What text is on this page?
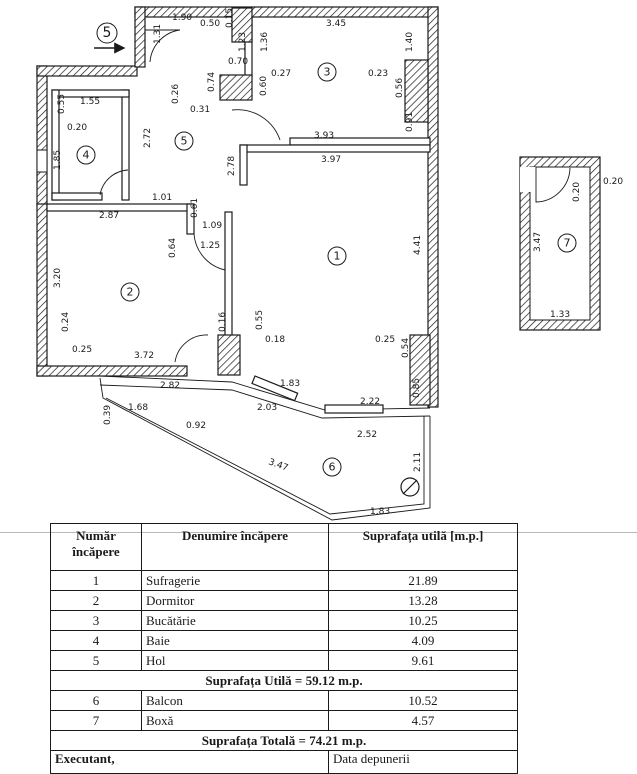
5
1
2
3
4
5
6
7
1.90
0.50
1.31
0.15
1.23 1.36
3.45
1.40
0.70
0.27	0.23
0.74	0.60	0.56
0.91
0.26
0.31
1.55
0.55
0.20	2.72	3.93
3.97
1.85	2.78
1.01
2.87	0.61
1.09
0.64 1.25	4.41
3.20
0.24
0.25
0.16	0.55
0.18	0.25 0.54
3.72
2.82	1.83	0.85
0.39 1.68
0.92
2.03
2.22
2.52
3.47	2.11
1.83
0.20
0.20
3.47
1.33
Număr încăpere	Denumire încăpere	Suprafața utilă [m.p.]
1	Sufragerie	21.89
2	Dormitor	13.28
3	Bucătărie	10.25
4	Baie	4.09
5	Hol	9.61
Suprafața Utilă = 59.12 m.p.		
6	Balcon	10.52
7	Boxă	4.57
Suprafața Totală = 74.21 m.p.		
Executant,		Data depunerii
